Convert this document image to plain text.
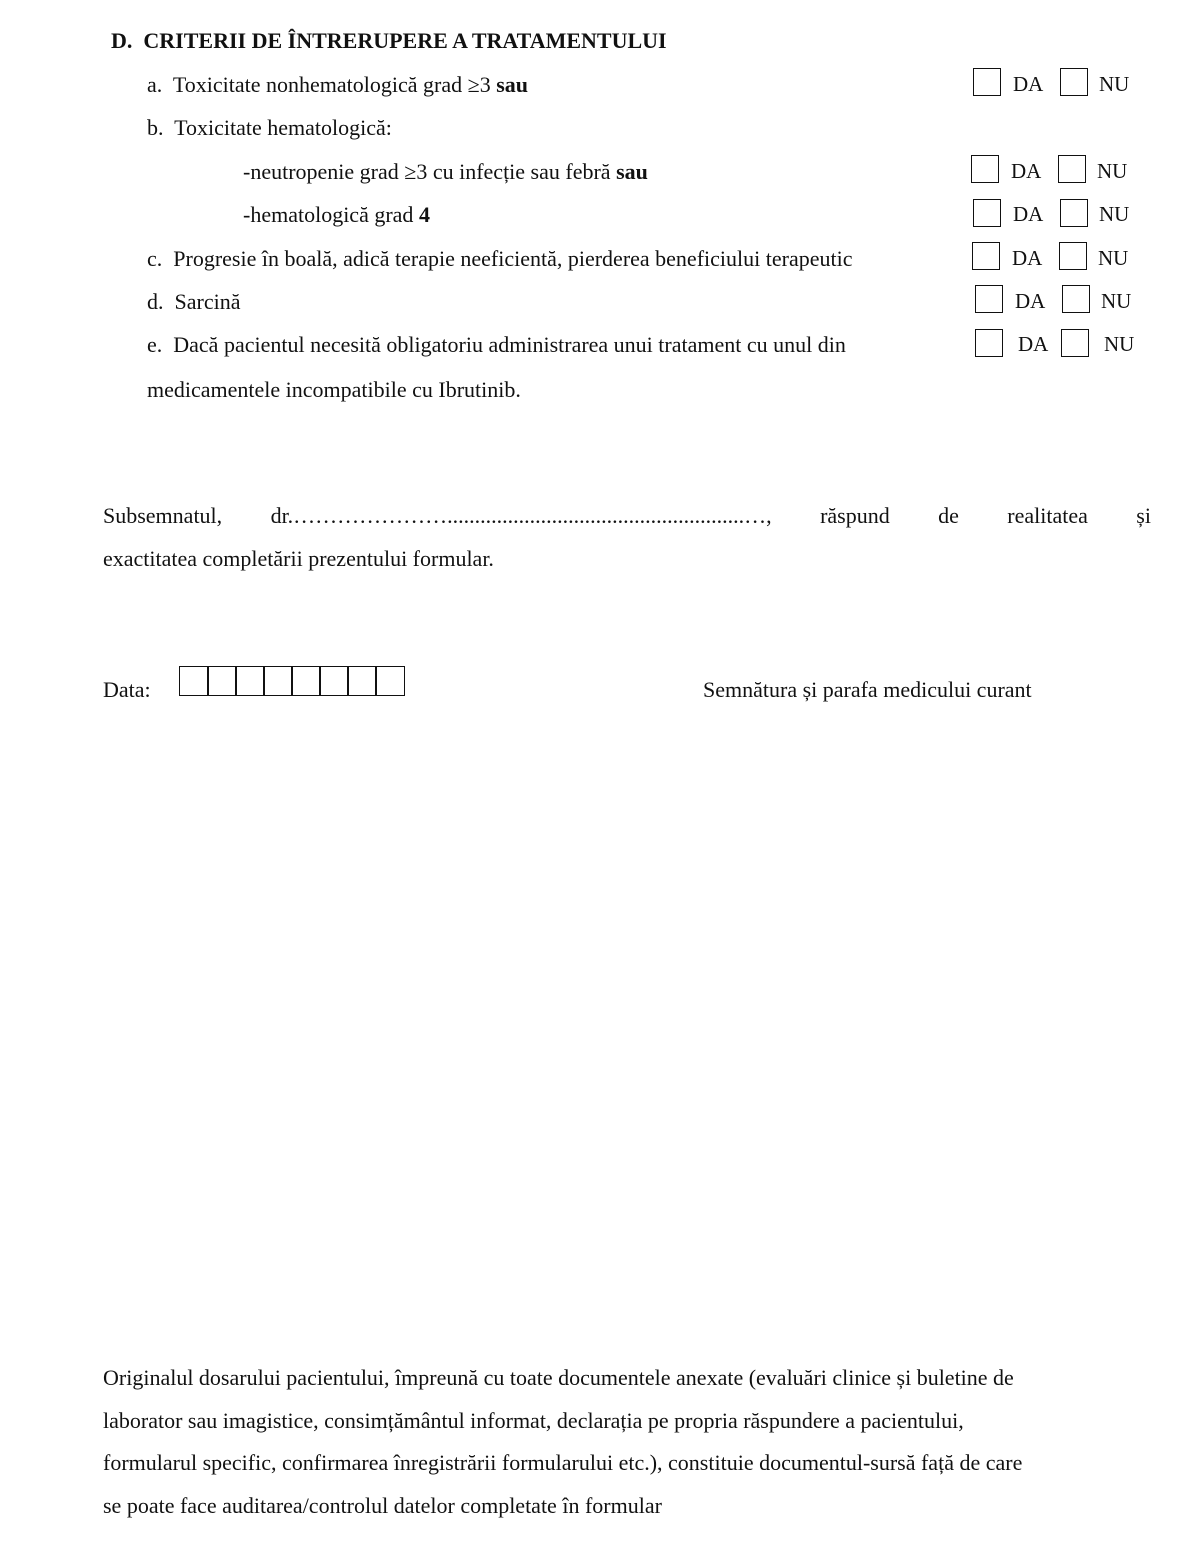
D. CRITERII DE ÎNTRERUPERE A TRATAMENTULUI
a. Toxicitate nonhematologică grad ≥3 sau	DA	NU
b. Toxicitate hematologică:
-neutropenie grad ≥3 cu infecție sau febră sau	DA	NU
-hematologică grad 4	DA	NU
c. Progresie în boală, adică terapie neeficientă, pierderea beneficiului terapeutic	DA	NU
d. Sarcină	DA	NU
e. Dacă pacientul necesită obligatoriu administrarea unui tratament cu unul din
medicamentele incompatibile cu Ibrutinib.
DA	NU
Subsemnatul, dr.…………………......................................................…, răspund de realitatea și
exactitatea completării prezentului formular.
Data:	Semnătura și parafa medicului curant
Originalul dosarului pacientului, împreună cu toate documentele anexate (evaluări clinice și buletine de
laborator sau imagistice, consimțământul informat, declarația pe propria răspundere a pacientului,
formularul specific, confirmarea înregistrării formularului etc.), constituie documentul-sursă față de care
se poate face auditarea/controlul datelor completate în formular
